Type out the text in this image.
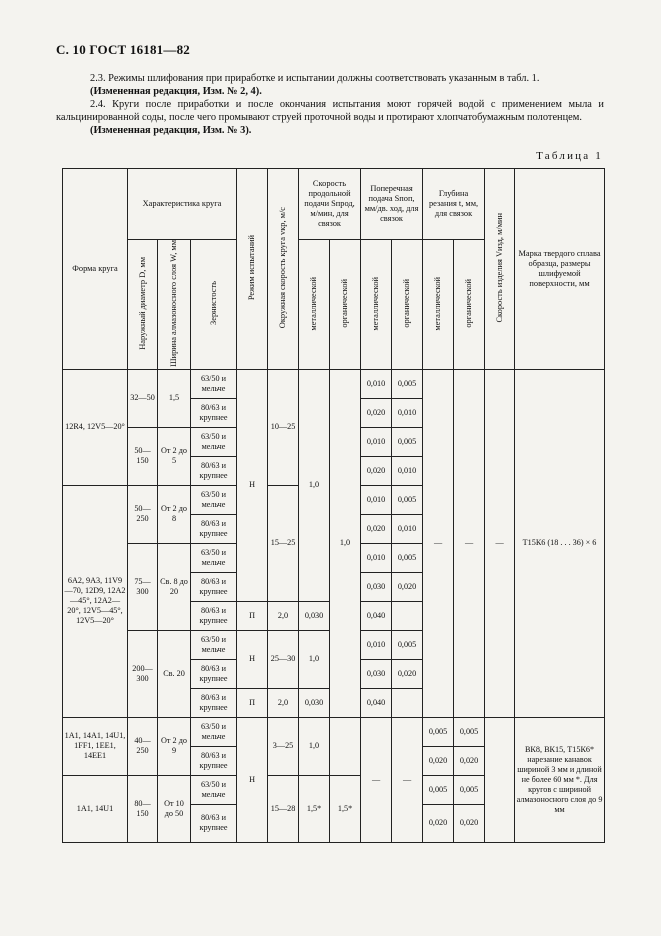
С. 10 ГОСТ 16181—82
2.3. Режимы шлифования при приработке и испытании должны соответствовать указанным в табл. 1.
(Измененная редакция, Изм. № 2, 4).
2.4. Круги после приработки и после окончания испытания моют горячей водой с применением мыла и кальцинированной соды, после чего промывают струей проточной воды и протирают хлопчатобумажным полотенцем.
(Измененная редакция, Изм. № 3).
Таблица 1
Форма круга	Характеристика круга			Режим испытаний	Окружная скорость круга vкр, м/с	Скорость продольной подачи Sпрод, м/мин, для связок		Поперечная подача Sпоп, мм/дв. ход, для связок		Глубина резания t, мм, для связок		Скорость изделия Vизд, м/мин	Марка твердого сплава образца, размеры шлифуемой поверхности, мм
	Наружный диаметр D, мм	Ширина алмазоносного слоя W, мм	Зернистость			металлической	органической	металлической	органической	металлической	органической		
12R4, 12V5—20°	32—50	1,5	63/50 и мельче	Н	10—25	1,0	1,0	0,010	0,005	—	—	—	Т15К6 (18 . . . 36) × 6
			80/63 и крупнее					0,020	0,010				
	50—150	От 2 до 5	63/50 и мельче					0,010	0,005				
			80/63 и крупнее					0,020	0,010				
6A2, 9A3, 11V9—70, 12D9, 12A2—45°, 12A2—20°, 12V5—45°, 12V5—20°	50—250	От 2 до 8	63/50 и мельче		15—25			0,010	0,005				
			80/63 и крупнее					0,020	0,010				
	75—300	Св. 8 до 20	63/50 и мельче					0,010	0,005				
			80/63 и крупнее					0,030	0,020				
			80/63 и крупнее	П	2,0	0,030		0,040					
	200—300	Св. 20	63/50 и мельче	Н	25—30	1,0		0,010	0,005				
			80/63 и крупнее					0,030	0,020				
			80/63 и крупнее	П	2,0	0,030		0,040					
1A1, 14A1, 14U1, 1FF1, 1EE1, 14EE1	40—250	От 2 до 9	63/50 и мельче	Н	3—25	1,0		—	—	0,005	0,005		ВК8, ВК15, Т15К6* нарезание канавок шириной 3 мм и длиной не более 60 мм *. Для кругов с шириной алмазоносного слоя до 9 мм
			80/63 и крупнее							0,020	0,020		
1A1, 14U1	80—150	От 10 до 50	63/50 и мельче		15—28	1,5*	1,5*			0,005	0,005		
			80/63 и крупнее							0,020	0,020		
